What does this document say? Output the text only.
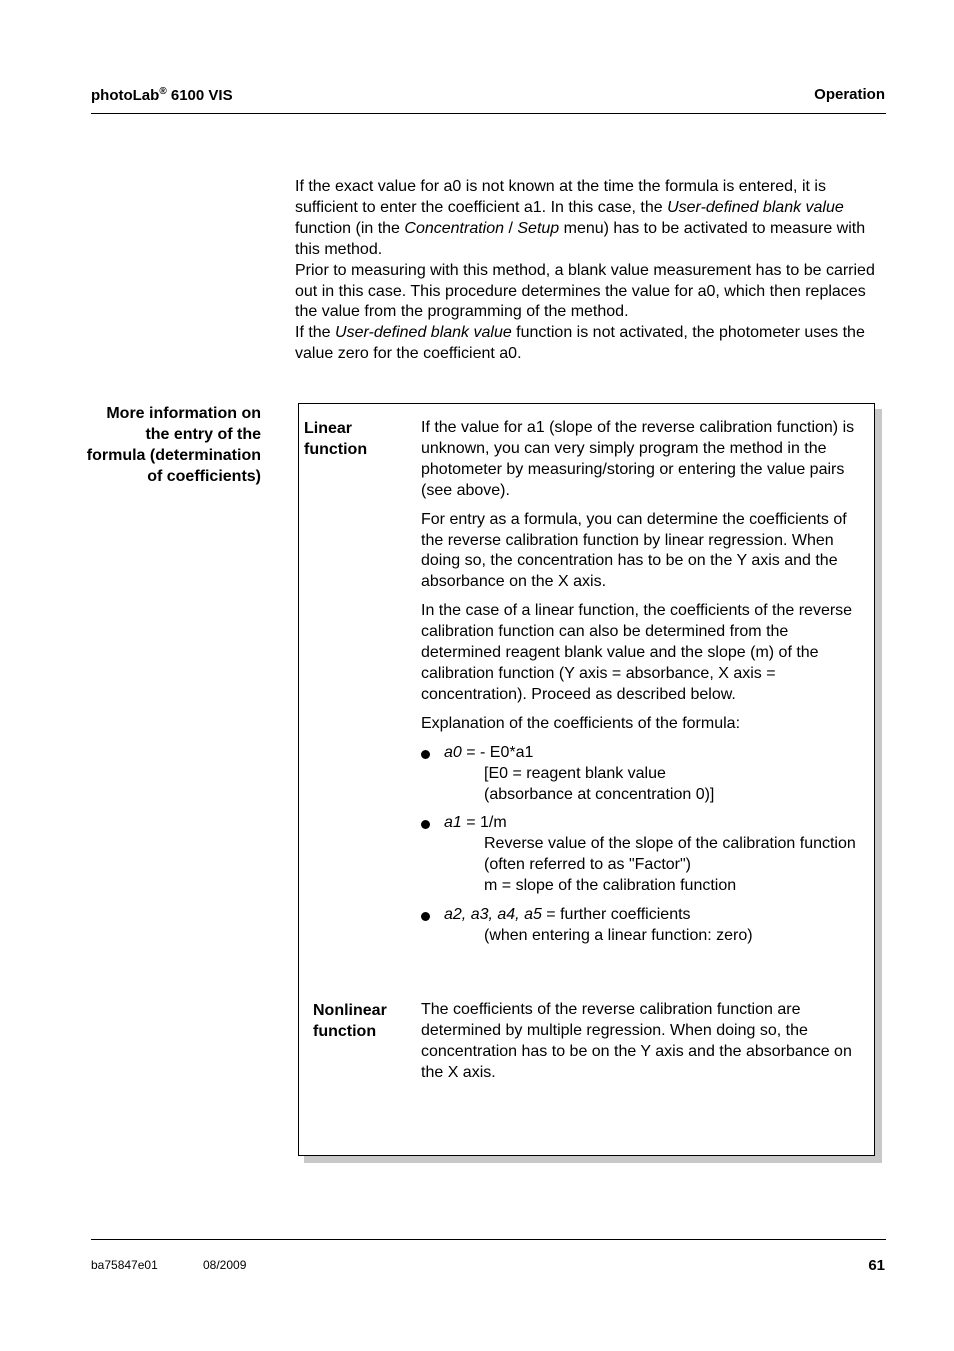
photoLab® 6100 VIS	Operation

If the exact value for a0 is not known at the time the formula is entered, it is sufficient to enter the coefficient a1. In this case, the User-defined blank value function (in the Concentration / Setup menu) has to be activated to measure with this method.

Prior to measuring with this method, a blank value measurement has to be carried out in this case. This procedure determines the value for a0, which then replaces the value from the programming of the method.

If the User-defined blank value function is not activated, the photometer uses the value zero for the coefficient a0.

More information on the entry of the formula (determination of coefficients)
Linear
function

If the value for a1 (slope of the reverse calibration function) is unknown, you can very simply program the method in the photometer by measuring/storing or entering the value pairs (see above).

For entry as a formula, you can determine the coefficients of the reverse calibration function by linear regression. When doing so, the concentration has to be on the Y axis and the absorbance on the X axis.

In the case of a linear function, the coefficients of the reverse calibration function can also be determined from the determined reagent blank value and the slope (m) of the calibration function (Y axis = absorbance, X axis = concentration). Proceed as described below.

Explanation of the coefficients of the formula:

a0 = - E0*a1
[E0 = reagent blank value
(absorbance at concentration 0)]
a1 = 1/m
Reverse value of the slope of the calibration function
(often referred to as "Factor")
m = slope of the calibration function
a2, a3, a4, a5 = further coefficients
(when entering a linear function: zero)
Nonlinear
function

The coefficients of the reverse calibration function are determined by multiple regression. When doing so, the concentration has to be on the Y axis and the absorbance on the X axis.

ba75847e01	08/2009	61
